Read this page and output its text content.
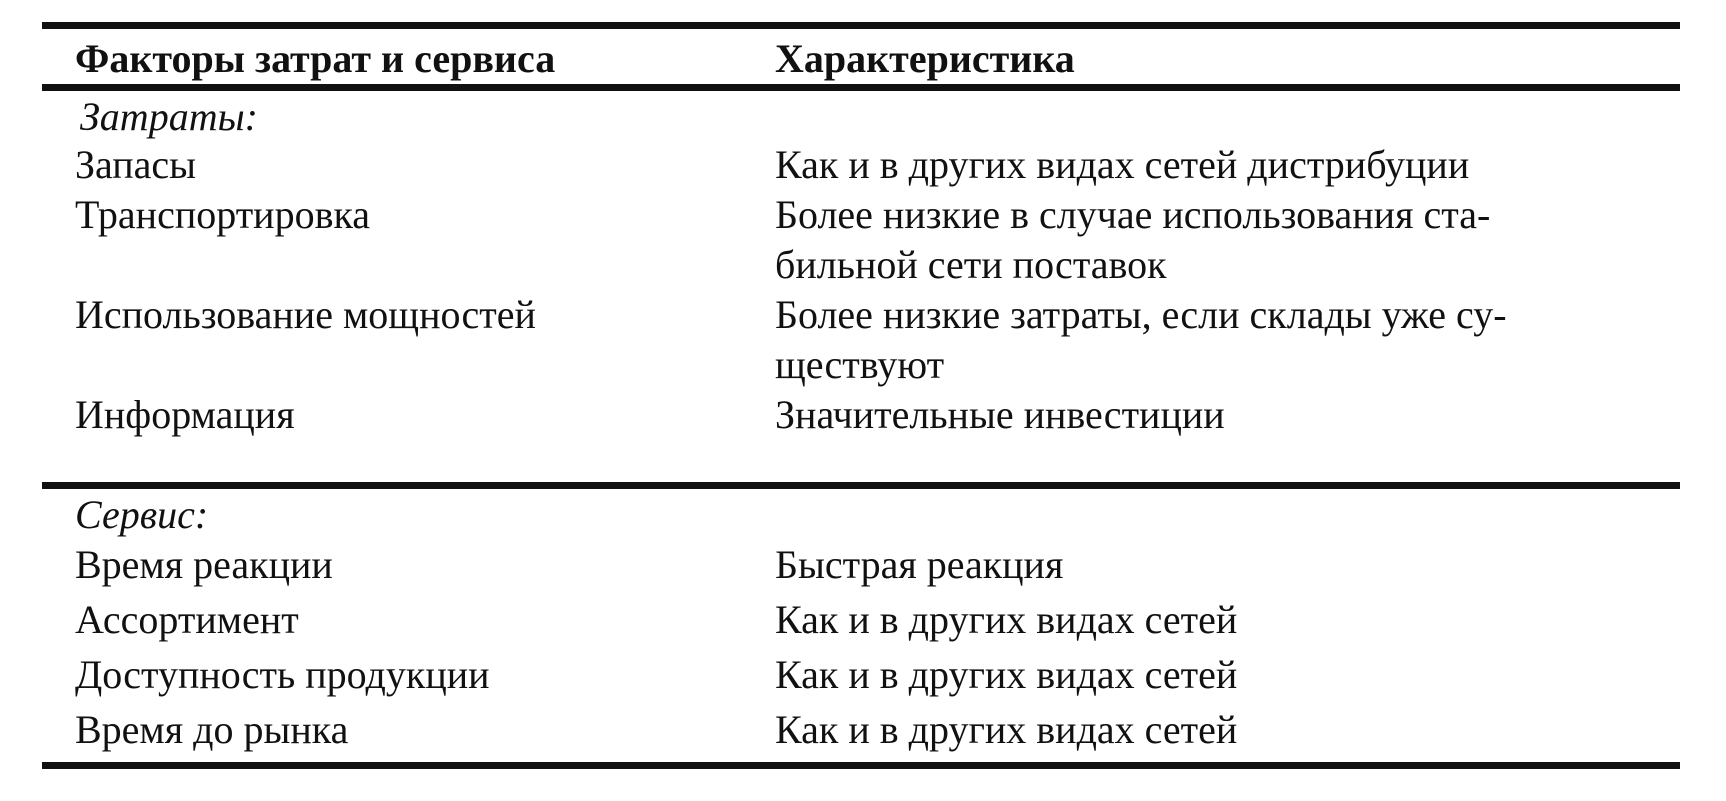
Факторы затрат и сервиса	Характеристика
Затраты:
Запасы	Как и в других видах сетей дистрибуции
Транспортировка	Более низкие в случае использования ста-
бильной сети поставок
Использование мощностей	Более низкие затраты, если склады уже су-
ществуют
Информация	Значительные инвестиции
Сервис:
Время реакции	Быстрая реакция
Ассортимент	Как и в других видах сетей
Доступность продукции	Как и в других видах сетей
Время до рынка	Как и в других видах сетей
